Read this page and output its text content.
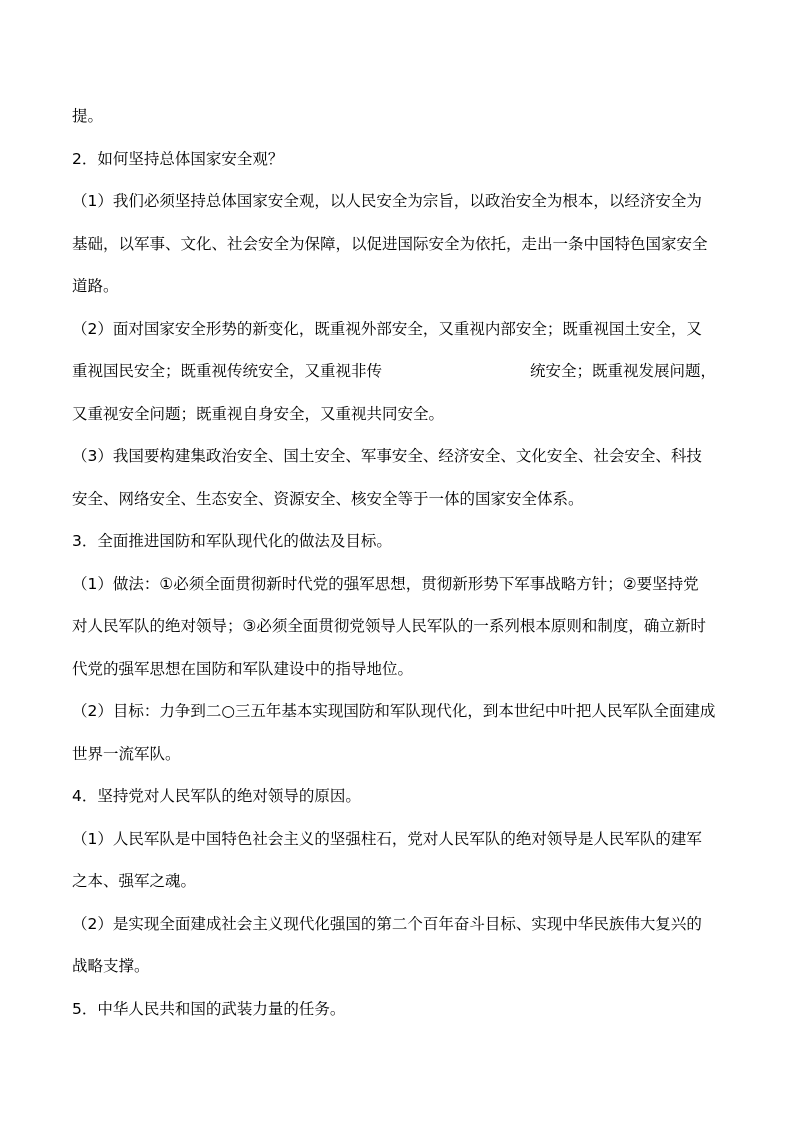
提。
2．如何坚持总体国家安全观？
（1）我们必须坚持总体国家安全观，以人民安全为宗旨，以政治安全为根本，以经济安全为
基础，以军事、文化、社会安全为保障，以促进国际安全为依托，走出一条中国特色国家安全
道路。
（2）面对国家安全形势的新变化，既重视外部安全，又重视内部安全；既重视国土安全，又
重视国民安全；既重视传统安全，又重视非传	统安全；既重视发展问题，
又重视安全问题；既重视自身安全，又重视共同安全。
（3）我国要构建集政治安全、国土安全、军事安全、经济安全、文化安全、社会安全、科技
安全、网络安全、生态安全、资源安全、核安全等于一体的国家安全体系。
3．全面推进国防和军队现代化的做法及目标。
（1）做法：①必须全面贯彻新时代党的强军思想，贯彻新形势下军事战略方针；②要坚持党
对人民军队的绝对领导；③必须全面贯彻党领导人民军队的一系列根本原则和制度，确立新时
代党的强军思想在国防和军队建设中的指导地位。
（2）目标：力争到二○三五年基本实现国防和军队现代化，到本世纪中叶把人民军队全面建成
世界一流军队。
4．坚持党对人民军队的绝对领导的原因。
（1）人民军队是中国特色社会主义的坚强柱石，党对人民军队的绝对领导是人民军队的建军
之本、强军之魂。
（2）是实现全面建成社会主义现代化强国的第二个百年奋斗目标、实现中华民族伟大复兴的
战略支撑。
5．中华人民共和国的武装力量的任务。
